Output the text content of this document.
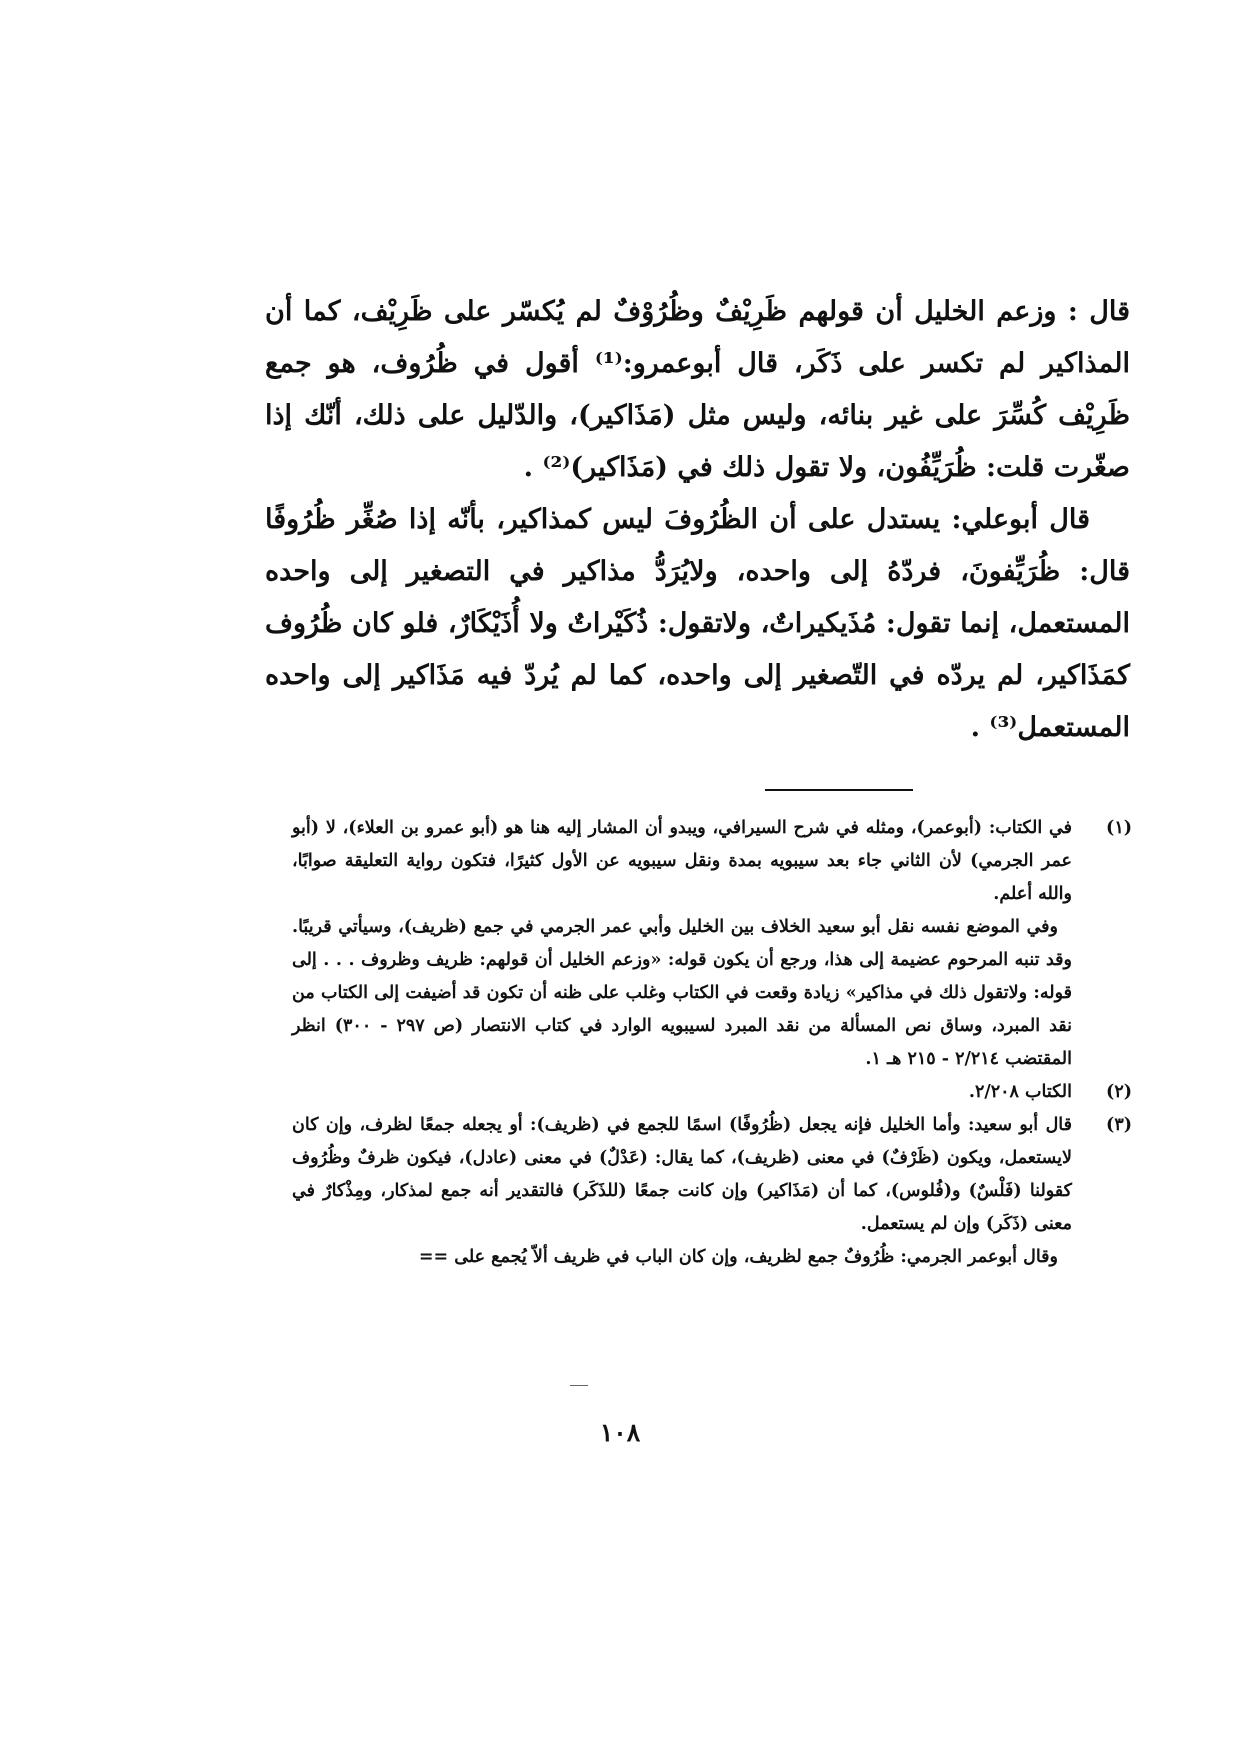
قال : وزعم الخليل أن قولهم ظَرِيْفٌ وظُرُوْفٌ لم يُكسّر على ظَرِيْف، كما أن المذاكير لم تكسر على ذَكَر، قال أبوعمرو:⁽¹⁾ أقول في ظُرُوف، هو جمع ظَرِيْف كُسِّرَ على غير بنائه، وليس مثل (مَذَاكير)، والدّليل على ذلك، أنّك إذا صغّرت قلت: ظُرَيِّفُون، ولا تقول ذلك في (مَذَاكير)⁽²⁾ .

قال أبوعلي: يستدل على أن الظُرُوفَ ليس كمذاكير، بأنّه إذا صُغِّر ظُرُوفًا قال: ظُرَيِّفونَ، فردّهُ إلى واحده، ولايُرَدُّ مذاكير في التصغير إلى واحده المستعمل، إنما تقول: مُذَيكيراتٌ، ولاتقول: ذُكَيْراتٌ ولا أُذَيْكَارٌ، فلو كان ظُرُوف كمَذَاكير، لم يردّه في التّصغير إلى واحده، كما لم يُردّ فيه مَذَاكير إلى واحده المستعمل⁽³⁾ .

(١)

في الكتاب: (أبوعمر)، ومثله في شرح السيرافي، ويبدو أن المشار إليه هنا هو (أبو عمرو بن العلاء)، لا (أبو عمر الجرمي) لأن الثاني جاء بعد سيبويه بمدة ونقل سيبويه عن الأول كثيرًا، فتكون رواية التعليقة صوابًا، والله أعلم.

وفي الموضع نفسه نقل أبو سعيد الخلاف بين الخليل وأبي عمر الجرمي في جمع (ظريف)، وسيأتي قريبًا. وقد تنبه المرحوم عضيمة إلى هذا، ورجع أن يكون قوله: «وزعم الخليل أن قولهم: ظريف وظروف . . . إلى قوله: ولاتقول ذلك في مذاكير» زيادة وقعت في الكتاب وغلب على ظنه أن تكون قد أضيفت إلى الكتاب من نقد المبرد، وساق نص المسألة من نقد المبرد لسيبويه الوارد في كتاب الانتصار (ص ٢٩٧ - ٣٠٠) انظر المقتضب ٢/٢١٤ - ٢١٥ هـ ١.

(٢)

الكتاب ٢/٢٠٨.

(٣)

قال أبو سعيد: وأما الخليل فإنه يجعل (ظُرُوفًا) اسمًا للجمع في (ظريف): أو يجعله جمعًا لظرف، وإن كان لايستعمل، ويكون (ظَرْفٌ) في معنى (ظريف)، كما يقال: (عَدْلٌ) في معنى (عادل)، فيكون ظرفٌ وظُرُوف كقولنا (فَلْسٌ) و(فُلوس)، كما أن (مَذَاكير) وإن كانت جمعًا (للذَكَر) فالتقدير أنه جمع لمذكار، ومِذْكارٌ في معنى (ذَكَر) وإن لم يستعمل.

وقال أبوعمر الجرمي: ظُرُوفٌ جمع لظريف، وإن كان الباب في ظريف ألاّ يُجمع على ==

١٠٨
